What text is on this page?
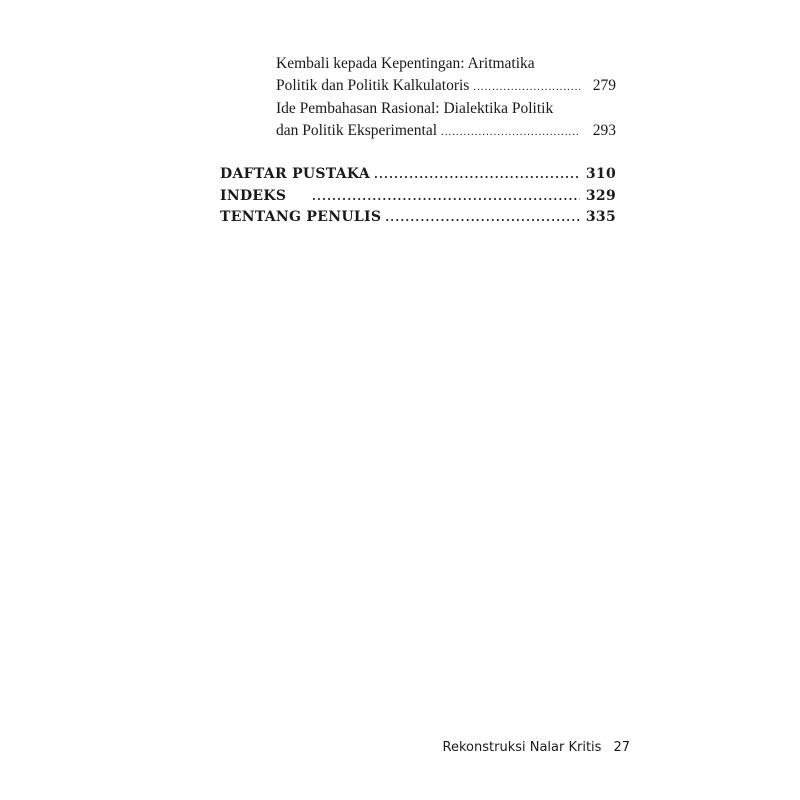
Kembali kepada Kepentingan: Aritmatika
Politik dan Politik Kalkulatoris .....	279
Ide Pembahasan Rasional: Dialektika Politik
dan Politik Eksperimental .....	293
DAFTAR PUSTAKA .....	310
INDEKS .....	329
TENTANG PENULIS .....	335
Rekonstruksi Nalar Kritis 27
